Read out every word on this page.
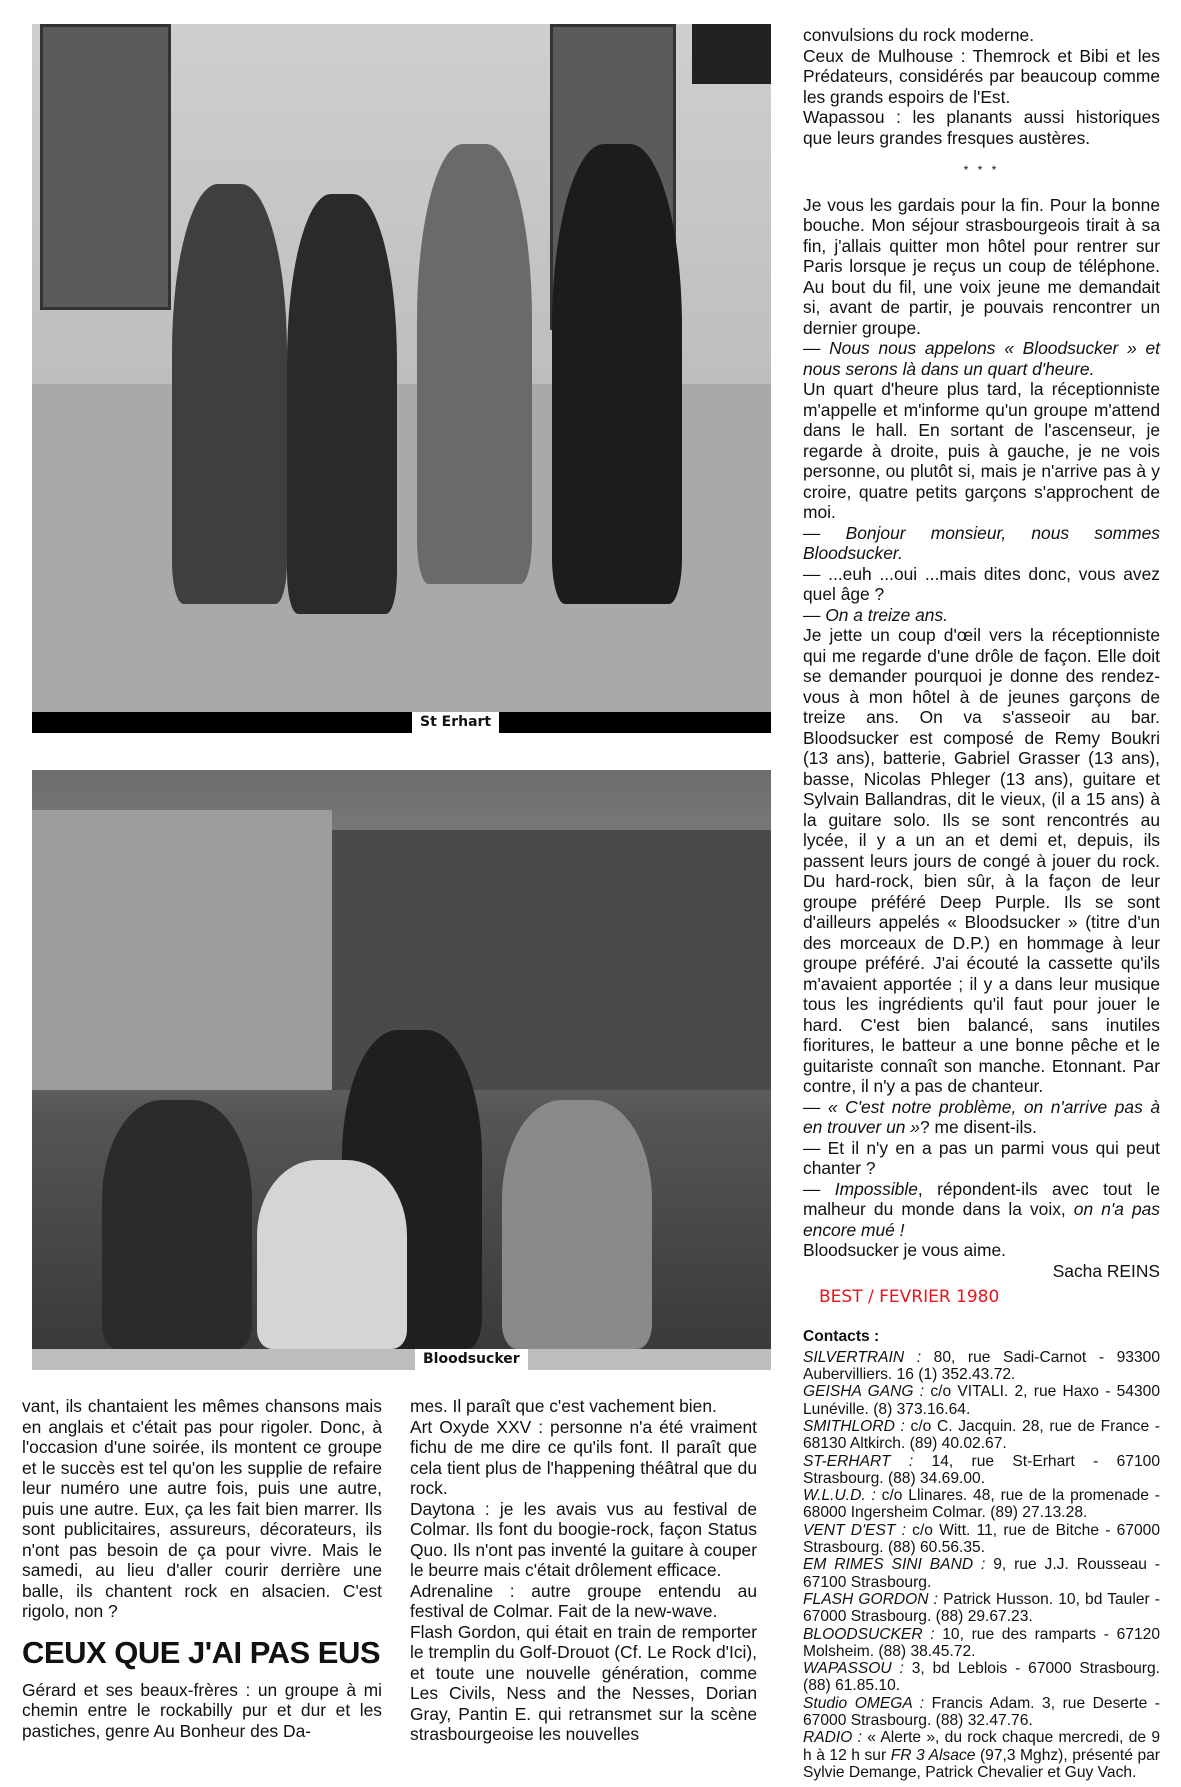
St Erhart
Bloodsucker

convulsions du rock moderne.

Ceux de Mulhouse : Themrock et Bibi et les Prédateurs, considérés par beaucoup comme les grands espoirs de l'Est.

Wapassou : les planants aussi historiques que leurs grandes fresques austères.

* * *

Je vous les gardais pour la fin. Pour la bonne bouche. Mon séjour strasbourgeois tirait à sa fin, j'allais quitter mon hôtel pour rentrer sur Paris lorsque je reçus un coup de téléphone. Au bout du fil, une voix jeune me demandait si, avant de partir, je pouvais rencontrer un dernier groupe.

— Nous nous appelons « Bloodsucker » et nous serons là dans un quart d'heure.

Un quart d'heure plus tard, la réceptionniste m'appelle et m'informe qu'un groupe m'attend dans le hall. En sortant de l'ascenseur, je regarde à droite, puis à gauche, je ne vois personne, ou plutôt si, mais je n'arrive pas à y croire, quatre petits garçons s'approchent de moi.

— Bonjour monsieur, nous sommes Bloodsucker.

— ...euh ...oui ...mais dites donc, vous avez quel âge ?

— On a treize ans.

Je jette un coup d'œil vers la réceptionniste qui me regarde d'une drôle de façon. Elle doit se demander pourquoi je donne des rendez-vous à mon hôtel à de jeunes garçons de treize ans. On va s'asseoir au bar. Bloodsucker est composé de Remy Boukri (13 ans), batterie, Gabriel Grasser (13 ans), basse, Nicolas Phleger (13 ans), guitare et Sylvain Ballandras, dit le vieux, (il a 15 ans) à la guitare solo. Ils se sont rencontrés au lycée, il y a un an et demi et, depuis, ils passent leurs jours de congé à jouer du rock. Du hard-rock, bien sûr, à la façon de leur groupe préféré Deep Purple. Ils se sont d'ailleurs appelés « Bloodsucker » (titre d'un des morceaux de D.P.) en hommage à leur groupe préféré. J'ai écouté la cassette qu'ils m'avaient apportée ; il y a dans leur musique tous les ingrédients qu'il faut pour jouer le hard. C'est bien balancé, sans inutiles fioritures, le batteur a une bonne pêche et le guitariste connaît son manche. Etonnant. Par contre, il n'y a pas de chanteur.

— « C'est notre problème, on n'arrive pas à en trouver un »? me disent-ils.

— Et il n'y en a pas un parmi vous qui peut chanter ?

— Impossible, répondent-ils avec tout le malheur du monde dans la voix, on n'a pas encore mué !

Bloodsucker je vous aime.

Sacha REINS

BEST / FEVRIER 1980

Contacts :

SILVERTRAIN : 80, rue Sadi-Carnot - 93300 Aubervilliers. 16 (1) 352.43.72.

GEISHA GANG : c/o VITALI. 2, rue Haxo - 54300 Lunéville. (8) 373.16.64.

SMITHLORD : c/o C. Jacquin. 28, rue de France - 68130 Altkirch. (89) 40.02.67.

ST-ERHART : 14, rue St-Erhart - 67100 Strasbourg. (88) 34.69.00.

W.L.U.D. : c/o Llinares. 48, rue de la promenade - 68000 Ingersheim Colmar. (89) 27.13.28.

VENT D'EST : c/o Witt. 11, rue de Bitche - 67000 Strasbourg. (88) 60.56.35.

EM RIMES SINI BAND : 9, rue J.J. Rousseau - 67100 Strasbourg.

FLASH GORDON : Patrick Husson. 10, bd Tauler - 67000 Strasbourg. (88) 29.67.23.

BLOODSUCKER : 10, rue des ramparts - 67120 Molsheim. (88) 38.45.72.

WAPASSOU : 3, bd Leblois - 67000 Strasbourg. (88) 61.85.10.

Studio OMEGA : Francis Adam. 3, rue Deserte - 67000 Strasbourg. (88) 32.47.76.

RADIO : « Alerte », du rock chaque mercredi, de 9 h à 12 h sur FR 3 Alsace (97,3 Mghz), présenté par Sylvie Demange, Patrick Chevalier et Guy Vach.

vant, ils chantaient les mêmes chansons mais en anglais et c'était pas pour rigoler. Donc, à l'occasion d'une soirée, ils montent ce groupe et le succès est tel qu'on les supplie de refaire leur numéro une autre fois, puis une autre, puis une autre. Eux, ça les fait bien marrer. Ils sont publicitaires, assureurs, décorateurs, ils n'ont pas besoin de ça pour vivre. Mais le samedi, au lieu d'aller courir derrière une balle, ils chantent rock en alsacien. C'est rigolo, non ?

CEUX QUE J'AI PAS EUS

Gérard et ses beaux-frères : un groupe à mi chemin entre le rockabilly pur et dur et les pastiches, genre Au Bonheur des Da-

mes. Il paraît que c'est vachement bien.

Art Oxyde XXV : personne n'a été vraiment fichu de me dire ce qu'ils font. Il paraît que cela tient plus de l'happening théâtral que du rock.

Daytona : je les avais vus au festival de Colmar. Ils font du boogie-rock, façon Status Quo. Ils n'ont pas inventé la guitare à couper le beurre mais c'était drôlement efficace.

Adrenaline : autre groupe entendu au festival de Colmar. Fait de la new-wave.

Flash Gordon, qui était en train de remporter le tremplin du Golf-Drouot (Cf. Le Rock d'Ici), et toute une nouvelle génération, comme Les Civils, Ness and the Nesses, Dorian Gray, Pantin E. qui retransmet sur la scène strasbourgeoise les nouvelles
